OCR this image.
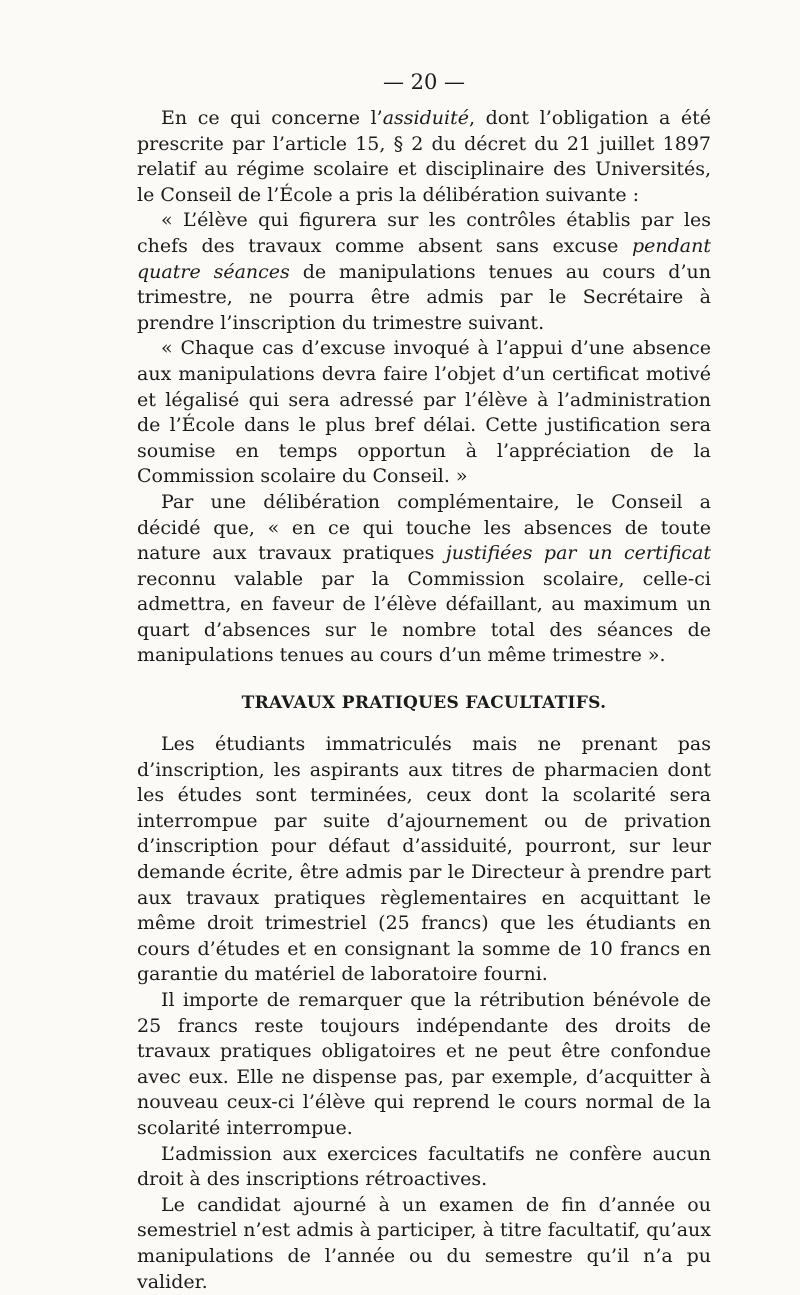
— 20 —

En ce qui concerne l’assiduité, dont l’obligation a été prescrite par l’article 15, § 2 du décret du 21 juillet 1897 relatif au régime scolaire et disciplinaire des Universités, le Conseil de l’École a pris la délibération suivante :

« L’élève qui figurera sur les contrôles établis par les chefs des travaux comme absent sans excuse pendant quatre séances de manipulations tenues au cours d’un trimestre, ne pourra être admis par le Secrétaire à prendre l’inscription du trimestre suivant.

« Chaque cas d’excuse invoqué à l’appui d’une absence aux manipulations devra faire l’objet d’un certificat motivé et légalisé qui sera adressé par l’élève à l’administration de l’École dans le plus bref délai. Cette justification sera soumise en temps opportun à l’appréciation de la Commission scolaire du Conseil. »

Par une délibération complémentaire, le Conseil a décidé que, « en ce qui touche les absences de toute nature aux travaux pratiques justifiées par un certificat reconnu valable par la Commission scolaire, celle-ci admettra, en faveur de l’élève défaillant, au maximum un quart d’absences sur le nombre total des séances de manipulations tenues au cours d’un même trimestre ».

TRAVAUX PRATIQUES FACULTATIFS.

Les étudiants immatriculés mais ne prenant pas d’inscription, les aspirants aux titres de pharmacien dont les études sont terminées, ceux dont la scolarité sera interrompue par suite d’ajournement ou de privation d’inscription pour défaut d’assiduité, pourront, sur leur demande écrite, être admis par le Directeur à prendre part aux travaux pratiques règlementaires en acquittant le même droit trimestriel (25 francs) que les étudiants en cours d’études et en consignant la somme de 10 francs en garantie du matériel de laboratoire fourni.

Il importe de remarquer que la rétribution bénévole de 25 francs reste toujours indépendante des droits de travaux pratiques obligatoires et ne peut être confondue avec eux. Elle ne dispense pas, par exemple, d’acquitter à nouveau ceux-ci l’élève qui reprend le cours normal de la scolarité interrompue.

L’admission aux exercices facultatifs ne confère aucun droit à des inscriptions rétroactives.

Le candidat ajourné à un examen de fin d’année ou semestriel n’est admis à participer, à titre facultatif, qu’aux manipulations de l’année ou du semestre qu’il n’a pu valider.
